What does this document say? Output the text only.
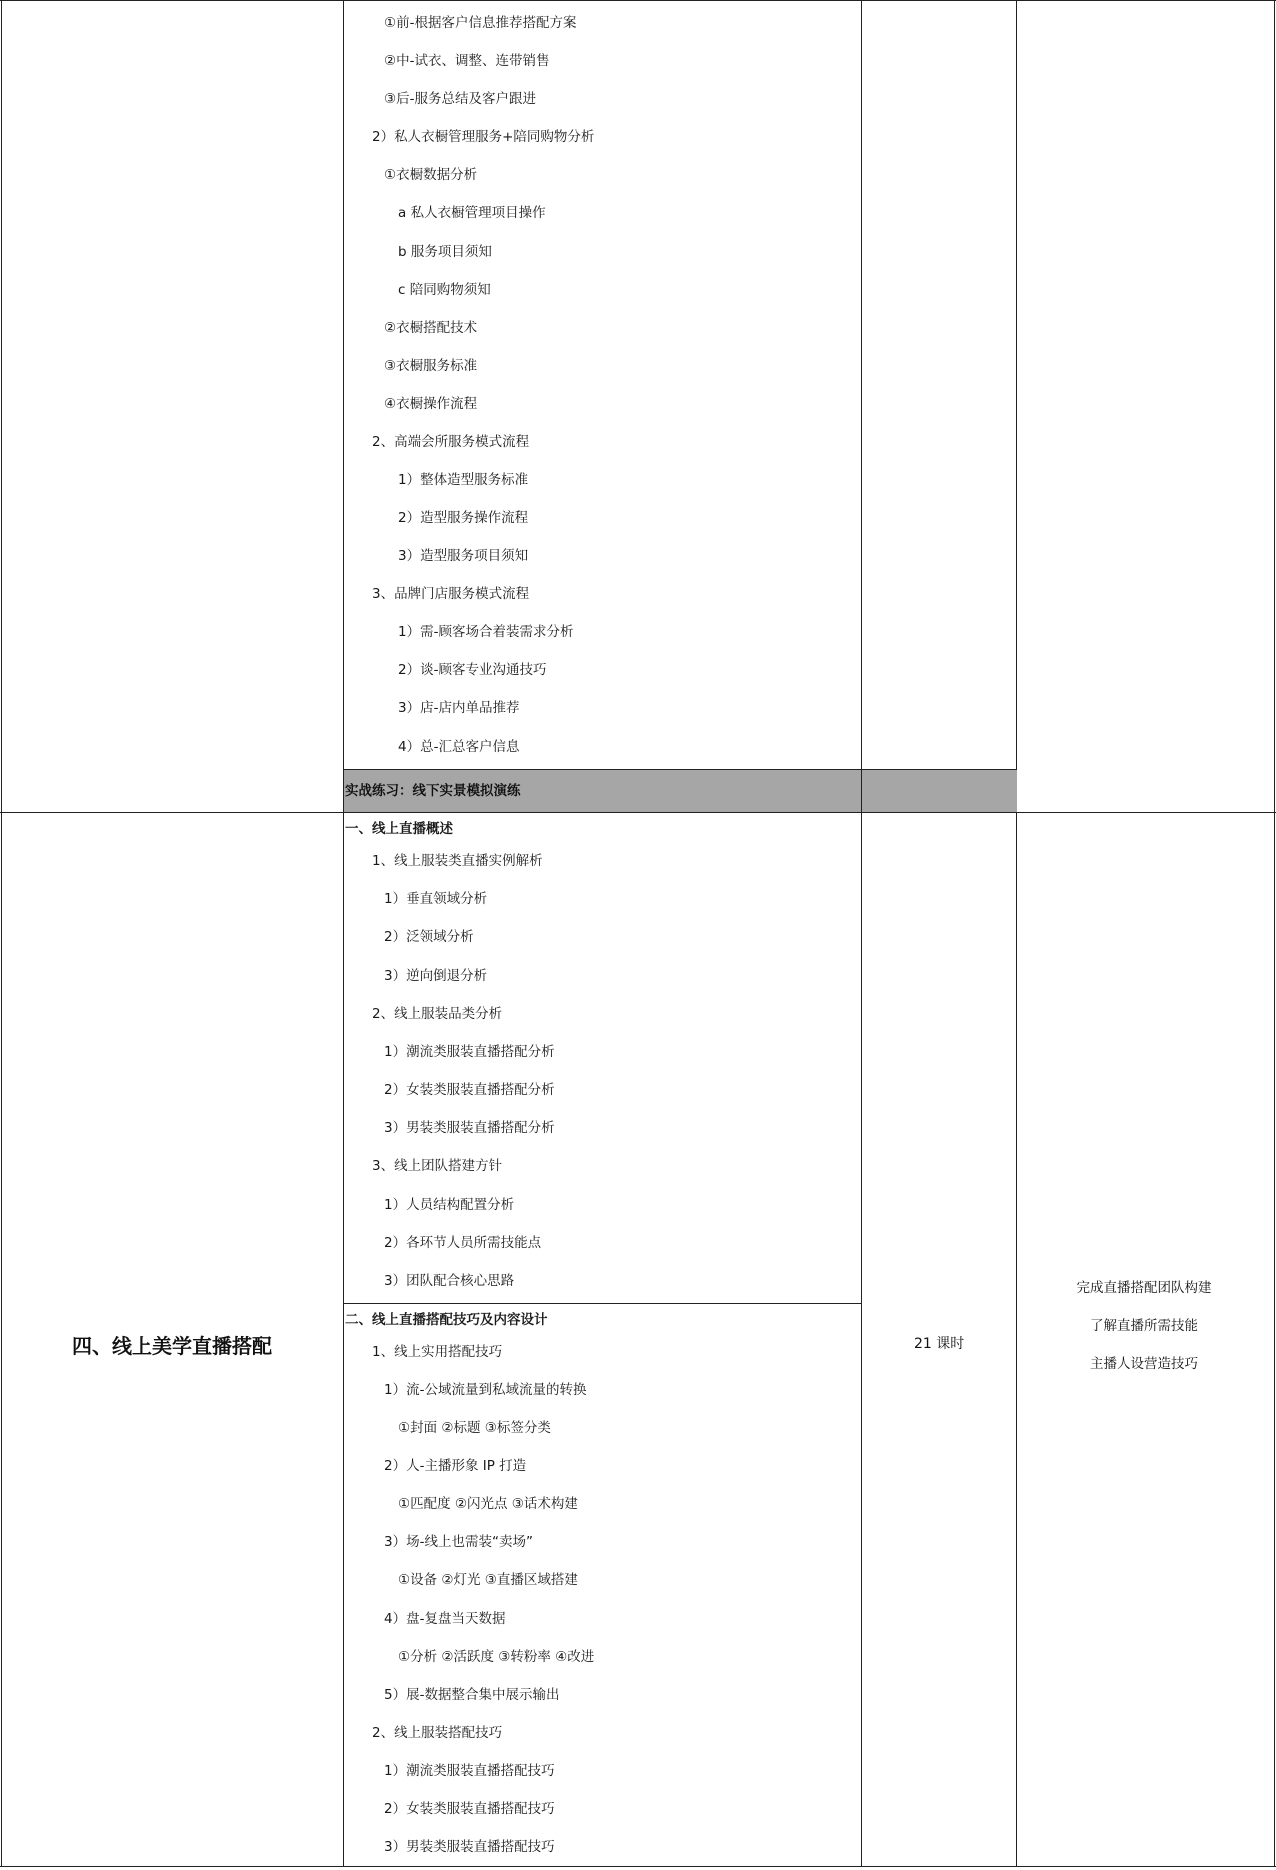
实战练习：线下实景模拟演练
①前-根据客户信息推荐搭配方案
②中-试衣、调整、连带销售
③后-服务总结及客户跟进
2）私人衣橱管理服务+陪同购物分析
①衣橱数据分析
a 私人衣橱管理项目操作
b 服务项目须知
c 陪同购物须知
②衣橱搭配技术
③衣橱服务标准
④衣橱操作流程
2、高端会所服务模式流程
1）整体造型服务标准
2）造型服务操作流程
3）造型服务项目须知
3、品牌门店服务模式流程
1）需-顾客场合着装需求分析
2）谈-顾客专业沟通技巧
3）店-店内单品推荐
4）总-汇总客户信息
四、线上美学直播搭配	21 课时
完成直播搭配团队构建
了解直播所需技能
主播人设营造技巧
一、线上直播概述
1、线上服装类直播实例解析
1）垂直领域分析
2）泛领域分析
3）逆向倒退分析
2、线上服装品类分析
1）潮流类服装直播搭配分析
2）女装类服装直播搭配分析
3）男装类服装直播搭配分析
3、线上团队搭建方针
1）人员结构配置分析
2）各环节人员所需技能点
3）团队配合核心思路
二、线上直播搭配技巧及内容设计
1、线上实用搭配技巧
1）流-公域流量到私域流量的转换
①封面 ②标题 ③标签分类
2）人-主播形象 IP 打造
①匹配度 ②闪光点 ③话术构建
3）场-线上也需装“卖场”
①设备 ②灯光 ③直播区域搭建
4）盘-复盘当天数据
①分析 ②活跃度 ③转粉率 ④改进
5）展-数据整合集中展示输出
2、线上服装搭配技巧
1）潮流类服装直播搭配技巧
2）女装类服装直播搭配技巧
3）男装类服装直播搭配技巧
